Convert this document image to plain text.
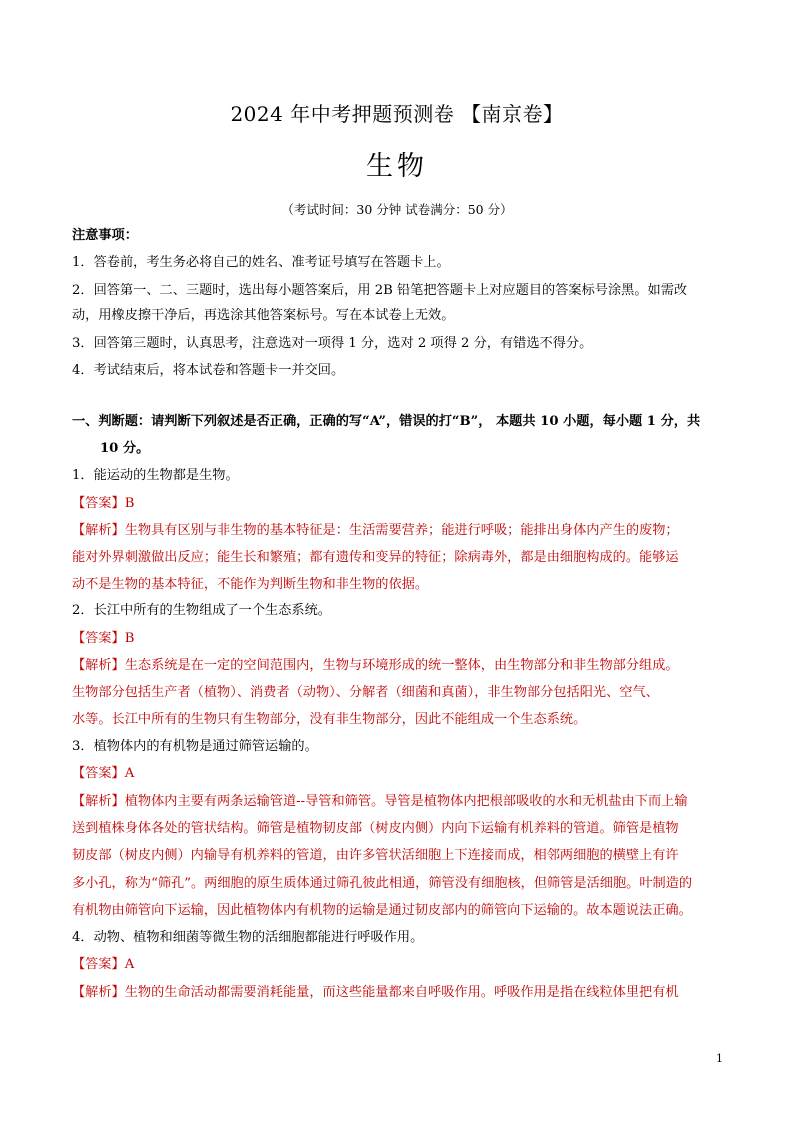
2024 年中考押题预测卷 【南京卷】
生物
（考试时间：30 分钟 试卷满分：50 分）
注意事项：
1．答卷前，考生务必将自己的姓名、准考证号填写在答题卡上。
2．回答第一、二、三题时，选出每小题答案后，用 2B 铅笔把答题卡上对应题目的答案标号涂黑。如需改
动，用橡皮擦干净后，再选涂其他答案标号。写在本试卷上无效。
3．回答第三题时，认真思考，注意选对一项得 1 分，选对 2 项得 2 分，有错选不得分。
4．考试结束后，将本试卷和答题卡一并交回。
一、判断题：请判断下列叙述是否正确，正确的写“A”，错误的打“B”， 本题共 10 小题，每小题 1 分，共
10 分。
1．能运动的生物都是生物。
【答案】B
【解析】生物具有区别与非生物的基本特征是：生活需要营养；能进行呼吸；能排出身体内产生的废物；
能对外界刺激做出反应；能生长和繁殖；都有遗传和变异的特征；除病毒外，都是由细胞构成的。能够运
动不是生物的基本特征，不能作为判断生物和非生物的依据。
2．长江中所有的生物组成了一个生态系统。
【答案】B
【解析】生态系统是在一定的空间范围内，生物与环境形成的统一整体，由生物部分和非生物部分组成。
生物部分包括生产者（植物）、消费者（动物）、分解者（细菌和真菌），非生物部分包括阳光、空气、
水等。长江中所有的生物只有生物部分，没有非生物部分，因此不能组成一个生态系统。
3．植物体内的有机物是通过筛管运输的。
【答案】A
【解析】植物体内主要有两条运输管道--导管和筛管。导管是植物体内把根部吸收的水和无机盐由下而上输
送到植株身体各处的管状结构。筛管是植物韧皮部（树皮内侧）内向下运输有机养料的管道。筛管是植物
韧皮部（树皮内侧）内输导有机养料的管道，由许多管状活细胞上下连接而成，相邻两细胞的横壁上有许
多小孔，称为“筛孔”。两细胞的原生质体通过筛孔彼此相通，筛管没有细胞核，但筛管是活细胞。叶制造的
有机物由筛管向下运输，因此植物体内有机物的运输是通过韧皮部内的筛管向下运输的。故本题说法正确。
4．动物、植物和细菌等微生物的活细胞都能进行呼吸作用。
【答案】A
【解析】生物的生命活动都需要消耗能量，而这些能量都来自呼吸作用。呼吸作用是指在线粒体里把有机
1
